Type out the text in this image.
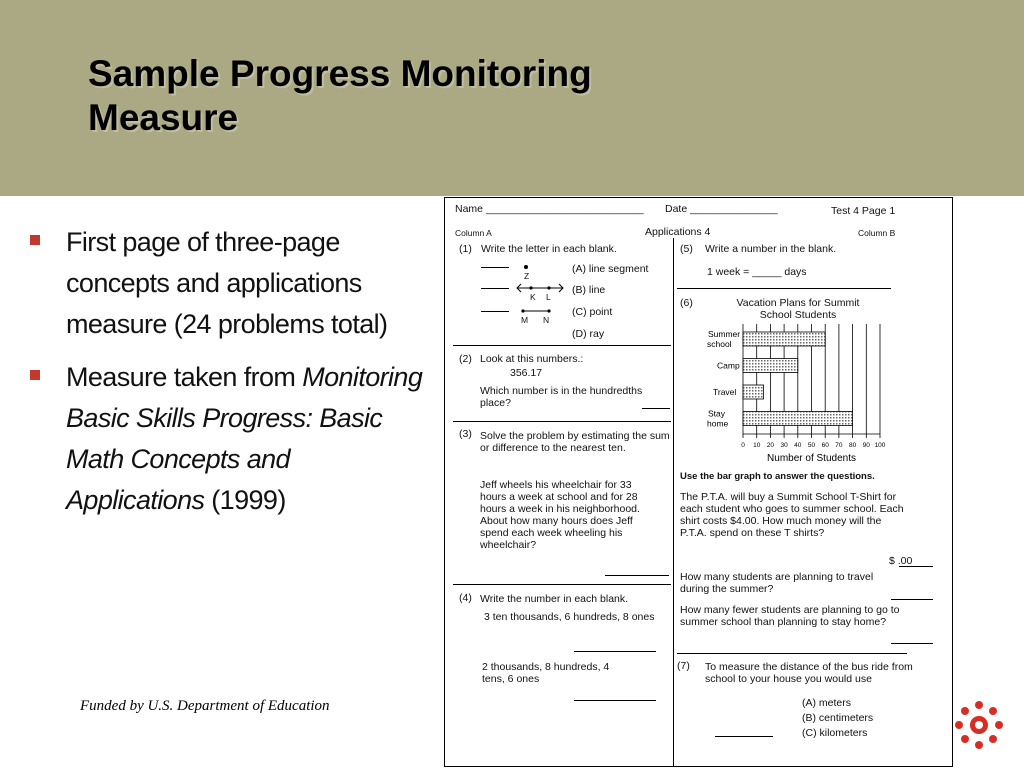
Sample Progress Monitoring
Measure
First page of three-page concepts and applications measure (24 problems total)
Measure taken from Monitoring Basic Skills Progress: Basic Math Concepts and Applications (1999)
Funded by U.S. Department of Education
Name ___________________________ Date _______________	Test 4 Page 1
Column A	Applications 4	Column B
(1) Write the letter in each blank.
Z
K L
M N
(A) line segment
(B) line
(C) point
(D) ray
(2) Look at this numbers.:
356.17
Which number is in the hundredths place?
(3) Solve the problem by estimating the sum or difference to the nearest ten.
Jeff wheels his wheelchair for 33 hours a week at school and for 28 hours a week in his neighborhood. About how many hours does Jeff spend each week wheeling his wheelchair?
(4) Write the number in each blank.
3 ten thousands, 6 hundreds, 8 ones
2 thousands, 8 hundreds, 4 tens, 6 ones
(5) Write a number in the blank.
1 week = _____ days
(6)	Vacation Plans for Summit School Students
0 10 20 30 40 50 60 70 80 90 100
Summer school
Camp
Travel
Stay home
Number of Students
Use the bar graph to answer the questions.
The P.T.A. will buy a Summit School T-Shirt for each student who goes to summer school. Each shirt costs $4.00. How much money will the P.T.A. spend on these T shirts?
$ .00
How many students are planning to travel during the summer?
How many fewer students are planning to go to summer school than planning to stay home?
(7) To measure the distance of the bus ride from school to your house you would use
(A) meters
(B) centimeters
(C) kilometers
